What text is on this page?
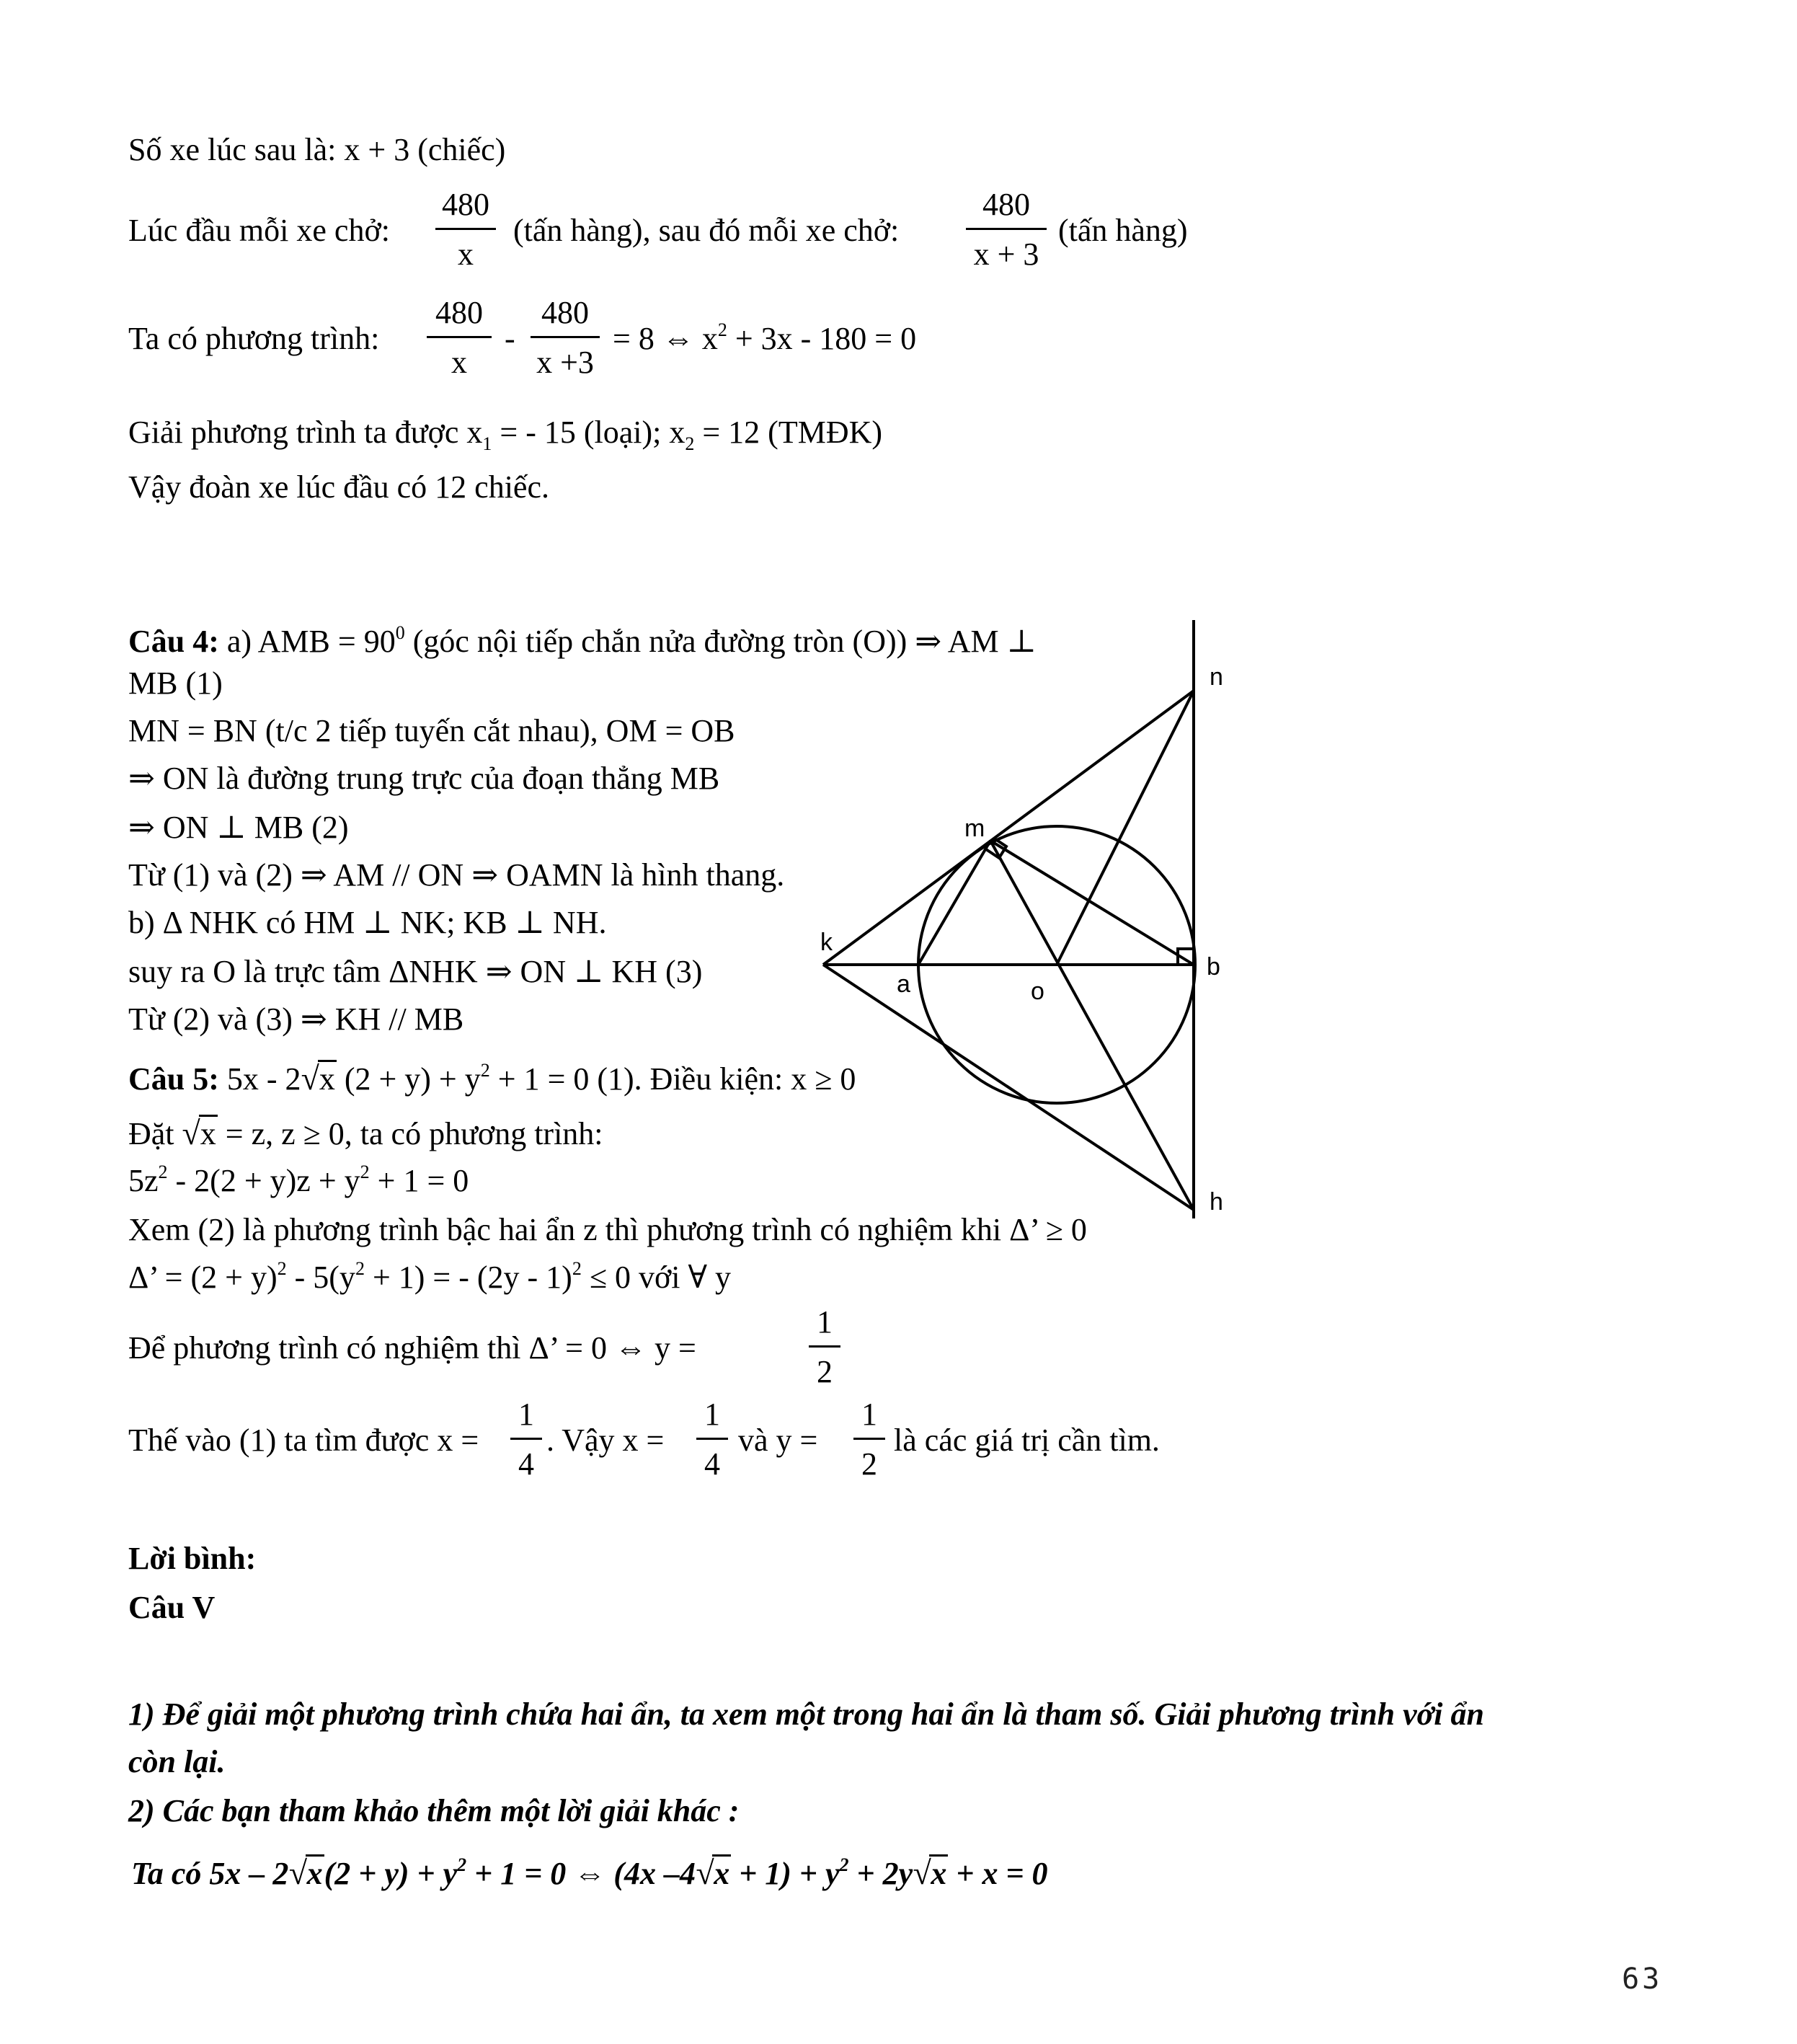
Số xe lúc sau là: x + 3 (chiếc)
Lúc đầu mỗi xe chở: $\frac{480}{x}$ (tấn hàng), sau đó mỗi xe chở: $\frac{480}{x + 3}$ (tấn hàng)
Ta có phương trình: $\frac{480}{x} - \frac{480}{x +3} = 8$ ⇔ $x^2 + 3x - 180 = 0$
Giải phương trình ta được $x_1$ = - 15 (loại); $x_2 = 12$ (TMĐK)
Vậy đoàn xe lúc đầu có 12 chiếc.
Câu 4: a) AMB = $90^0$ (góc nội tiếp chắn nửa đường tròn (O)) ⇒ AM ⊥
MB (1)
MN = BN (t/c 2 tiếp tuyến cắt nhau), OM = OB
⇒ ON là đường trung trực của đoạn thẳng MB
⇒ ON ⊥ MB (2)
Từ (1) và (2) ⇒ AM // ON ⇒ OAMN là hình thang.
b) Δ NHK có HM ⊥ NK; KB ⊥ NH.
suy ra O là trực tâm ΔNHK ⇒ ON ⊥ KH (3)
Từ (2) và (3) ⇒ KH // MB
n
m
k
a	o
b
h
Câu 5: 5x - 2√x $(2 + y) + y^2 + 1 = 0$ (1). Điều kiện: x ≥ 0
Đặt √x = z, z ≥ 0, ta có phương trình:
$5z^2 - 2(2 + y)z + y^2 + 1 = 0$
Xem (2) là phương trình bậc hai ẩn z thì phương trình có nghiệm khi Δ’ ≥ 0
Δ’ = $(2 + y)^2 - 5(y^2 + 1)$ = - (2y - 1)$^2$ ≤ 0 với ∀ y
Để phương trình có nghiệm thì Δ’ = 0 ⇔ y =	$\frac{1}{2}$
Thế vào (1) ta tìm được $x = \frac{1}{4}$ . Vậy $x = \frac{1}{4}$ và $y = \frac{1}{2}$ là các giá trị cần tìm.
Lời bình:
Câu V
1) Để giải một phương trình chứa hai ẩn, ta xem một trong hai ẩn là tham số. Giải phương trình với ẩn
còn lại.
2) Các bạn tham khảo thêm một lời giải khác :
Ta có $5x - 2√x(2 + y) + y^2 + 1 = 0$ ⇔ (4x $-4√x + 1) + y^2 + 2y√x + x = 0$
63
